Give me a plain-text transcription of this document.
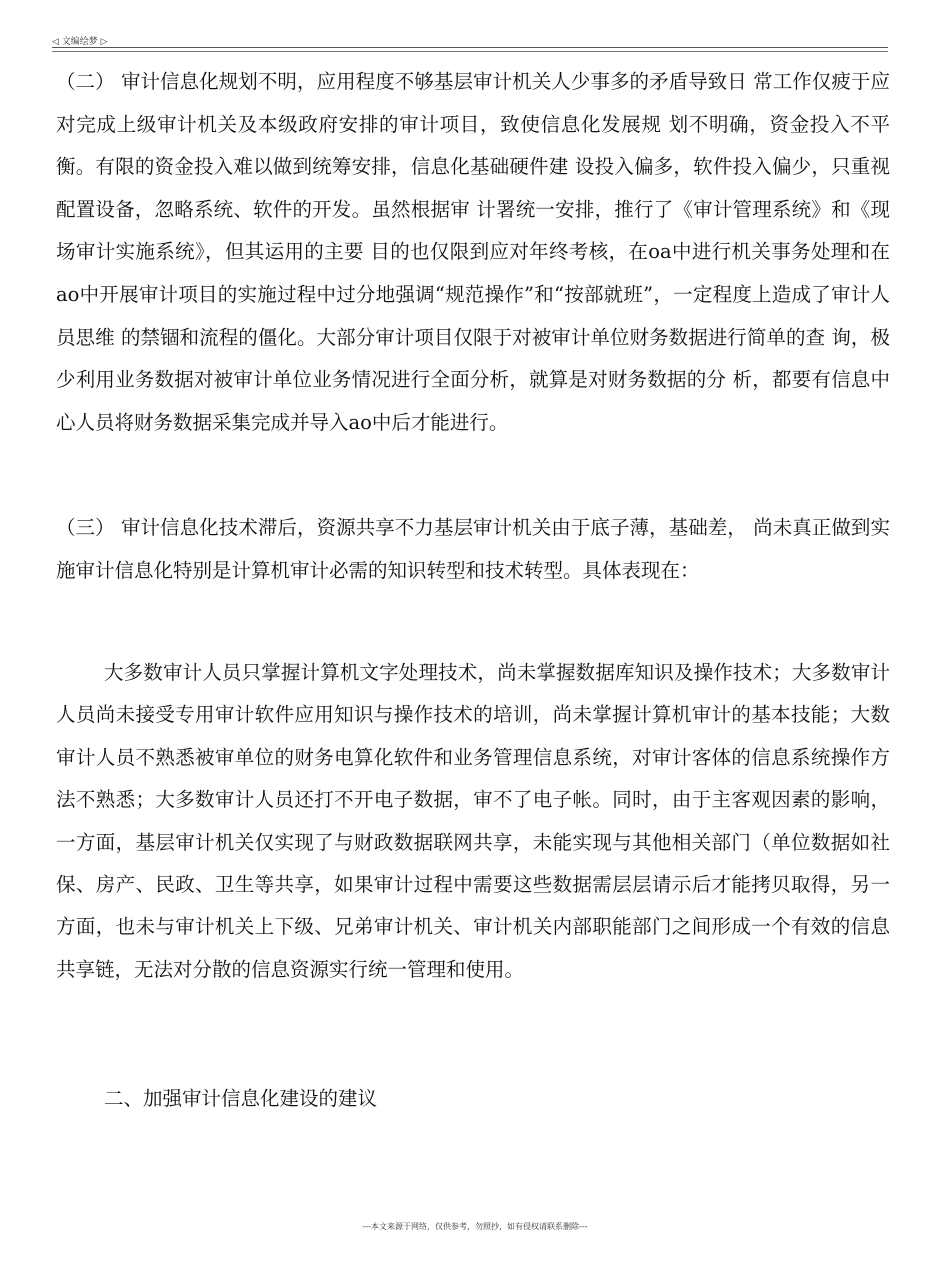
◁ 文编绘梦 ▷

（二） 审计信息化规划不明，应用程度不够基层审计机关人少事多的矛盾导致日 常工作仅疲于应对完成上级审计机关及本级政府安排的审计项目，致使信息化发展规 划不明确，资金投入不平衡。有限的资金投入难以做到统筹安排，信息化基础硬件建 设投入偏多，软件投入偏少，只重视配置设备，忽略系统、软件的开发。虽然根据审 计署统一安排，推行了《审计管理系统》和《现场审计实施系统》，但其运用的主要 目的也仅限到应对年终考核，在oa中进行机关事务处理和在ao中开展审计项目的实施过程中过分地强调“规范操作”和“按部就班”，一定程度上造成了审计人员思维 的禁锢和流程的僵化。大部分审计项目仅限于对被审计单位财务数据进行简单的查 询，极少利用业务数据对被审计单位业务情况进行全面分析，就算是对财务数据的分 析，都要有信息中心人员将财务数据采集完成并导入ao中后才能进行。

（三） 审计信息化技术滞后，资源共享不力基层审计机关由于底子薄，基础差， 尚未真正做到实施审计信息化特别是计算机审计必需的知识转型和技术转型。具体表现在：

大多数审计人员只掌握计算机文字处理技术，尚未掌握数据库知识及操作技术；大多数审计人员尚未接受专用审计软件应用知识与操作技术的培训，尚未掌握计算机审计的基本技能；大数审计人员不熟悉被审单位的财务电算化软件和业务管理信息系统，对审计客体的信息系统操作方法不熟悉；大多数审计人员还打不开电子数据，审不了电子帐。同时，由于主客观因素的影响，一方面，基层审计机关仅实现了与财政数据联网共享，未能实现与其他相关部门（单位数据如社保、房产、民政、卫生等共享，如果审计过程中需要这些数据需层层请示后才能拷贝取得，另一方面，也未与审计机关上下级、兄弟审计机关、审计机关内部职能部门之间形成一个有效的信息共享链，无法对分散的信息资源实行统一管理和使用。

二、加强审计信息化建设的建议

---本文来源于网络，仅供参考，勿照抄，如有侵权请联系删除---
